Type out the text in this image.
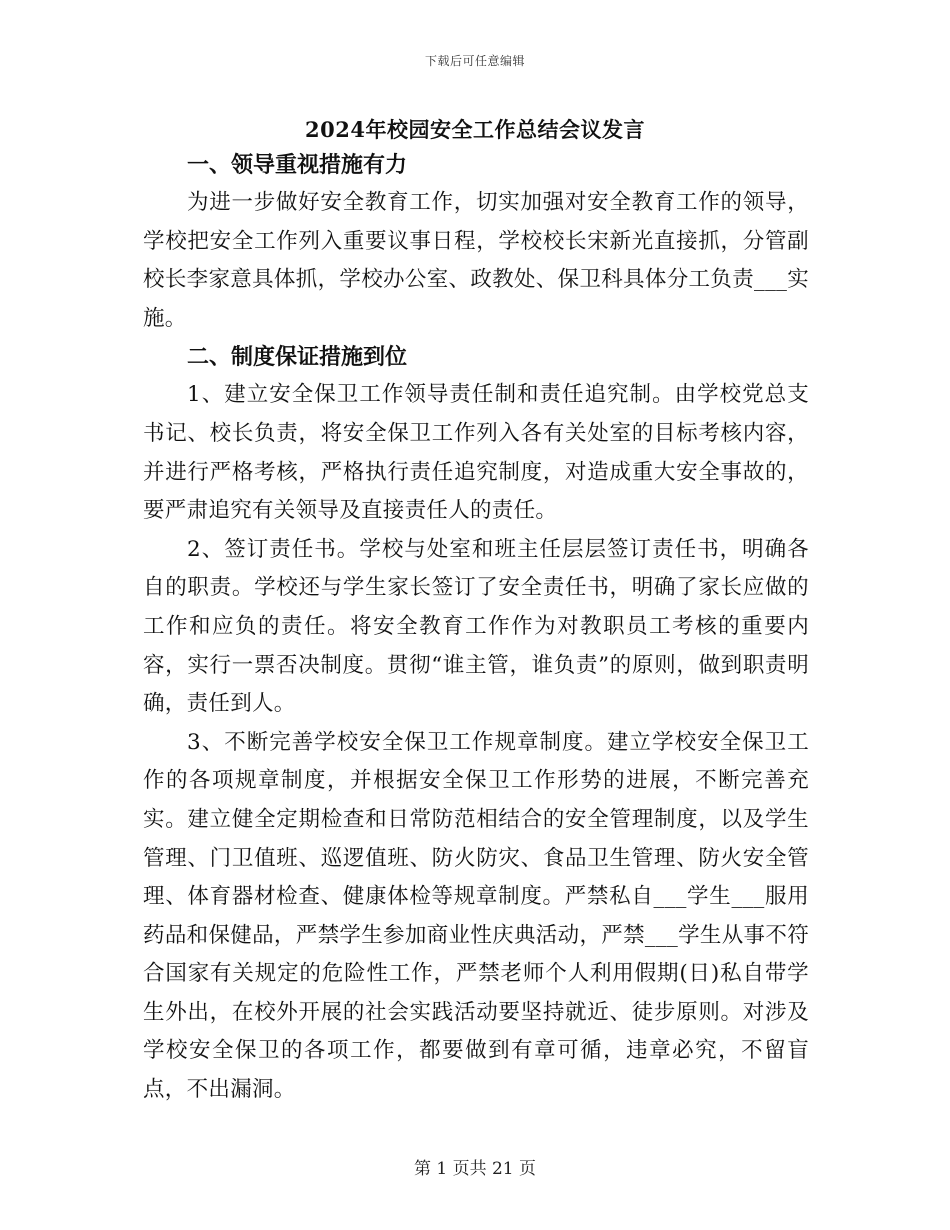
下载后可任意编辑
2024年校园安全工作总结会议发言
一、领导重视措施有力

为进一步做好安全教育工作，切实加强对安全教育工作的领导，学校把安全工作列入重要议事日程，学校校长宋新光直接抓，分管副校长李家意具体抓，学校办公室、政教处、保卫科具体分工负责___实施。

二、制度保证措施到位

1、建立安全保卫工作领导责任制和责任追究制。由学校党总支书记、校长负责，将安全保卫工作列入各有关处室的目标考核内容，并进行严格考核，严格执行责任追究制度，对造成重大安全事故的，要严肃追究有关领导及直接责任人的责任。

2、签订责任书。学校与处室和班主任层层签订责任书，明确各自的职责。学校还与学生家长签订了安全责任书，明确了家长应做的工作和应负的责任。将安全教育工作作为对教职员工考核的重要内容，实行一票否决制度。贯彻“谁主管，谁负责”的原则，做到职责明确，责任到人。

3、不断完善学校安全保卫工作规章制度。建立学校安全保卫工作的各项规章制度，并根据安全保卫工作形势的进展，不断完善充实。建立健全定期检查和日常防范相结合的安全管理制度，以及学生管理、门卫值班、巡逻值班、防火防灾、食品卫生管理、防火安全管理、体育器材检查、健康体检等规章制度。严禁私自___学生___服用药品和保健品，严禁学生参加商业性庆典活动，严禁___学生从事不符合国家有关规定的危险性工作，严禁老师个人利用假期(日)私自带学生外出，在校外开展的社会实践活动要坚持就近、徒步原则。对涉及学校安全保卫的各项工作，都要做到有章可循，违章必究，不留盲点，不出漏洞。

第 1 页共 21 页
